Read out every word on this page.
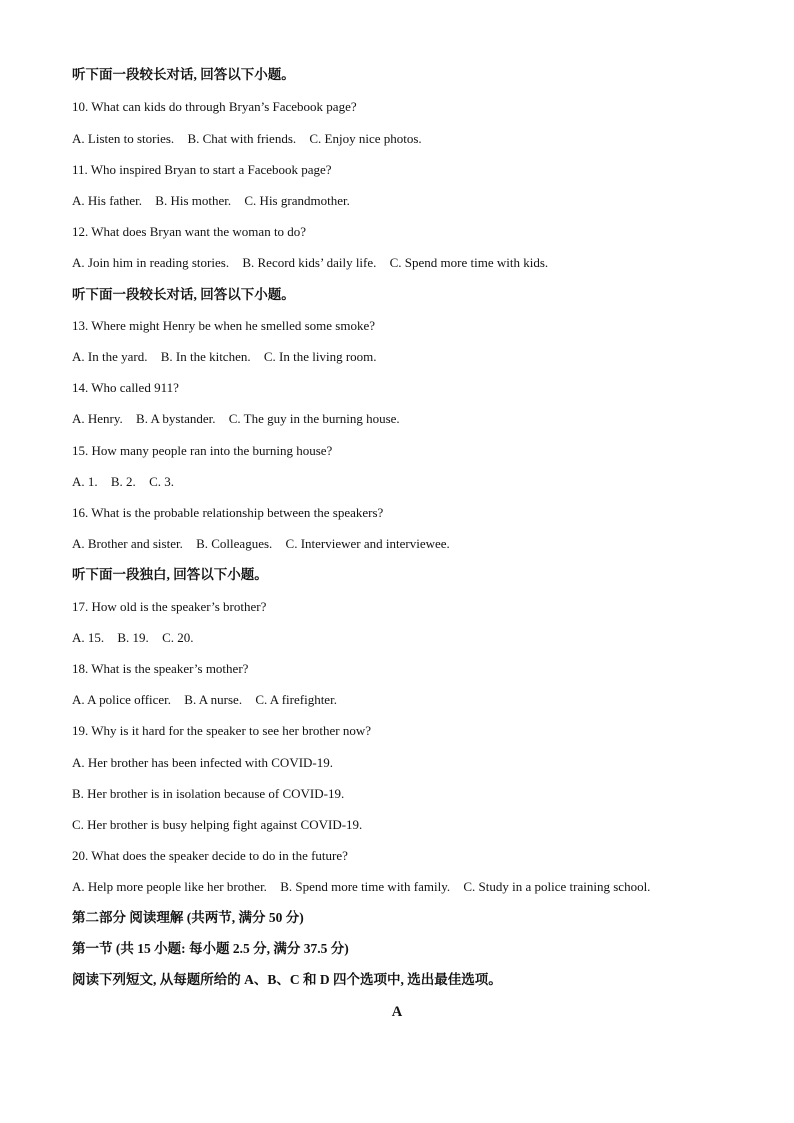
听下面一段较长对话, 回答以下小题。
10. What can kids do through Bryan’s Facebook page?
A. Listen to stories. B. Chat with friends. C. Enjoy nice photos.
11. Who inspired Bryan to start a Facebook page?
A. His father. B. His mother. C. His grandmother.
12. What does Bryan want the woman to do?
A. Join him in reading stories. B. Record kids’ daily life. C. Spend more time with kids.
听下面一段较长对话, 回答以下小题。
13. Where might Henry be when he smelled some smoke?
A. In the yard. B. In the kitchen. C. In the living room.
14. Who called 911?
A. Henry. B. A bystander. C. The guy in the burning house.
15. How many people ran into the burning house?
A. 1. B. 2. C. 3.
16. What is the probable relationship between the speakers?
A. Brother and sister. B. Colleagues. C. Interviewer and interviewee.
听下面一段独白, 回答以下小题。
17. How old is the speaker’s brother?
A. 15. B. 19. C. 20.
18. What is the speaker’s mother?
A. A police officer. B. A nurse. C. A firefighter.
19. Why is it hard for the speaker to see her brother now?
A. Her brother has been infected with COVID-19.
B. Her brother is in isolation because of COVID-19.
C. Her brother is busy helping fight against COVID-19.
20. What does the speaker decide to do in the future?
A. Help more people like her brother. B. Spend more time with family. C. Study in a police training school.
第二部分 阅读理解 (共两节, 满分 50 分)
第一节 (共 15 小题: 每小题 2.5 分, 满分 37.5 分)
阅读下列短文, 从每题所给的 A、B、C 和 D 四个选项中, 选出最佳选项。
A
